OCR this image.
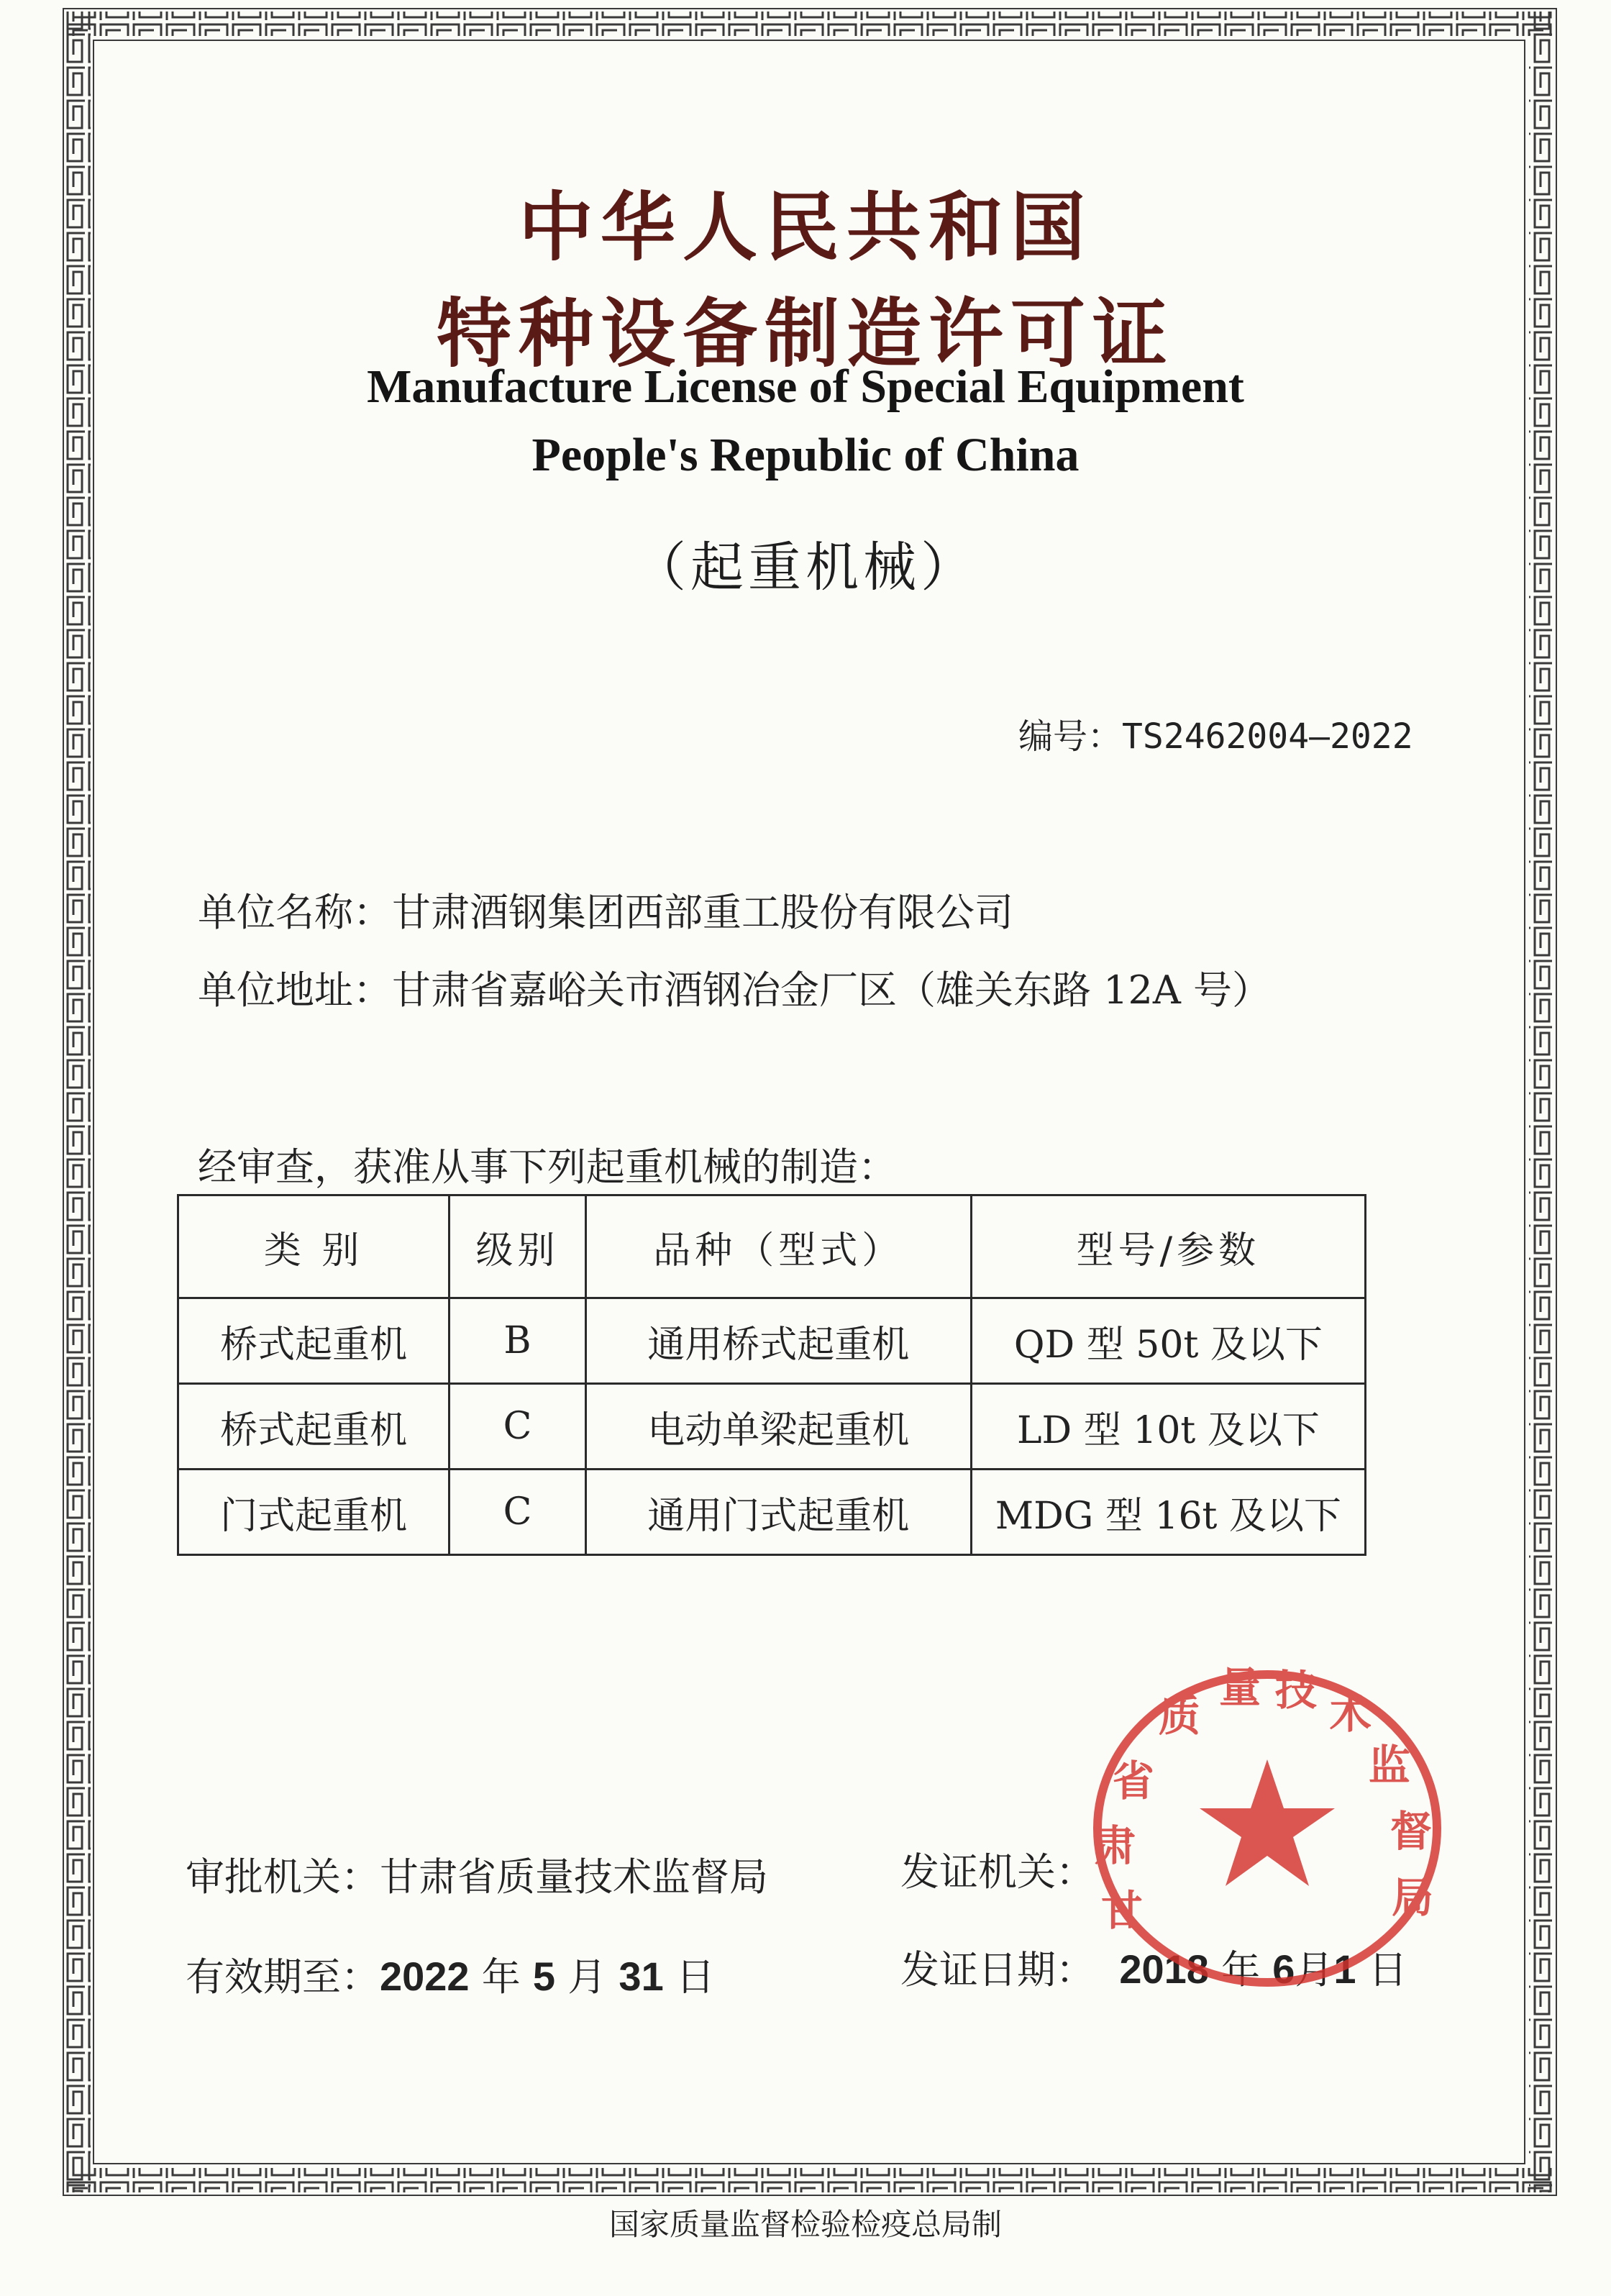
中华人民共和国
特种设备制造许可证
Manufacture License of Special Equipment
People's Republic of China
（起重机械）
编号：TS2462004—2022
单位名称：甘肃酒钢集团西部重工股份有限公司
单位地址：甘肃省嘉峪关市酒钢冶金厂区（雄关东路 12A 号）
经审查，获准从事下列起重机械的制造：
类 别	级别	品种（型式）	型号/参数
桥式起重机	B	通用桥式起重机	QD 型 50t 及以下
桥式起重机	C	电动单梁起重机	LD 型 10t 及以下
门式起重机	C	通用门式起重机	MDG 型 16t 及以下
审批机关：甘肃省质量技术监督局
有效期至：2022 年 5 月 31 日
发证机关：
发证日期： 2018 年 6月1 日
甘 肃 省 质 量 技 术 监 督 局
国家质量监督检验检疫总局制
